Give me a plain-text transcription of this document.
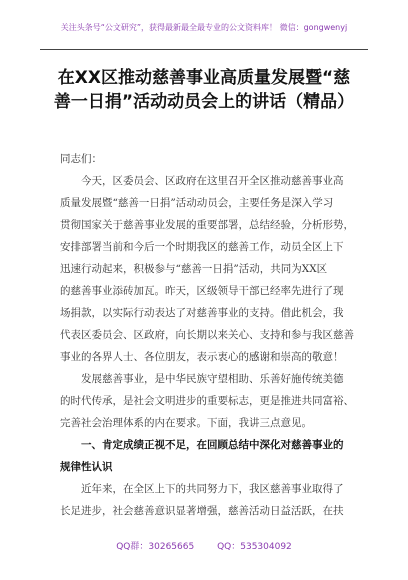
关注头条号“公文研究”，获得最新最全最专业的公文资料库！ 微信：gongwenyj
在XX区推动慈善事业高质量发展暨“慈
善一日捐”活动动员会上的讲话（精品）
同志们：
今天，区委员会、区政府在这里召开全区推动慈善事业高
质量发展暨“慈善一日捐”活动动员会，主要任务是深入学习
贯彻国家关于慈善事业发展的重要部署，总结经验，分析形势，
安排部署当前和今后一个时期我区的慈善工作，动员全区上下
迅速行动起来，积极参与“慈善一日捐”活动，共同为XX区
的慈善事业添砖加瓦。昨天，区级领导干部已经率先进行了现
场捐款，以实际行动表达了对慈善事业的支持。借此机会，我
代表区委员会、区政府，向长期以来关心、支持和参与我区慈善
事业的各界人士、各位朋友，表示衷心的感谢和崇高的敬意！
发展慈善事业，是中华民族守望相助、乐善好施传统美德
的时代传承，是社会文明进步的重要标志，更是推进共同富裕、
完善社会治理体系的内在要求。下面，我讲三点意见。
一、肯定成绩正视不足，在回顾总结中深化对慈善事业的
规律性认识
近年来，在全区上下的共同努力下，我区慈善事业取得了
长足进步，社会慈善意识显著增强，慈善活动日益活跃，在扶
QQ群：30265665	QQ：535304092
